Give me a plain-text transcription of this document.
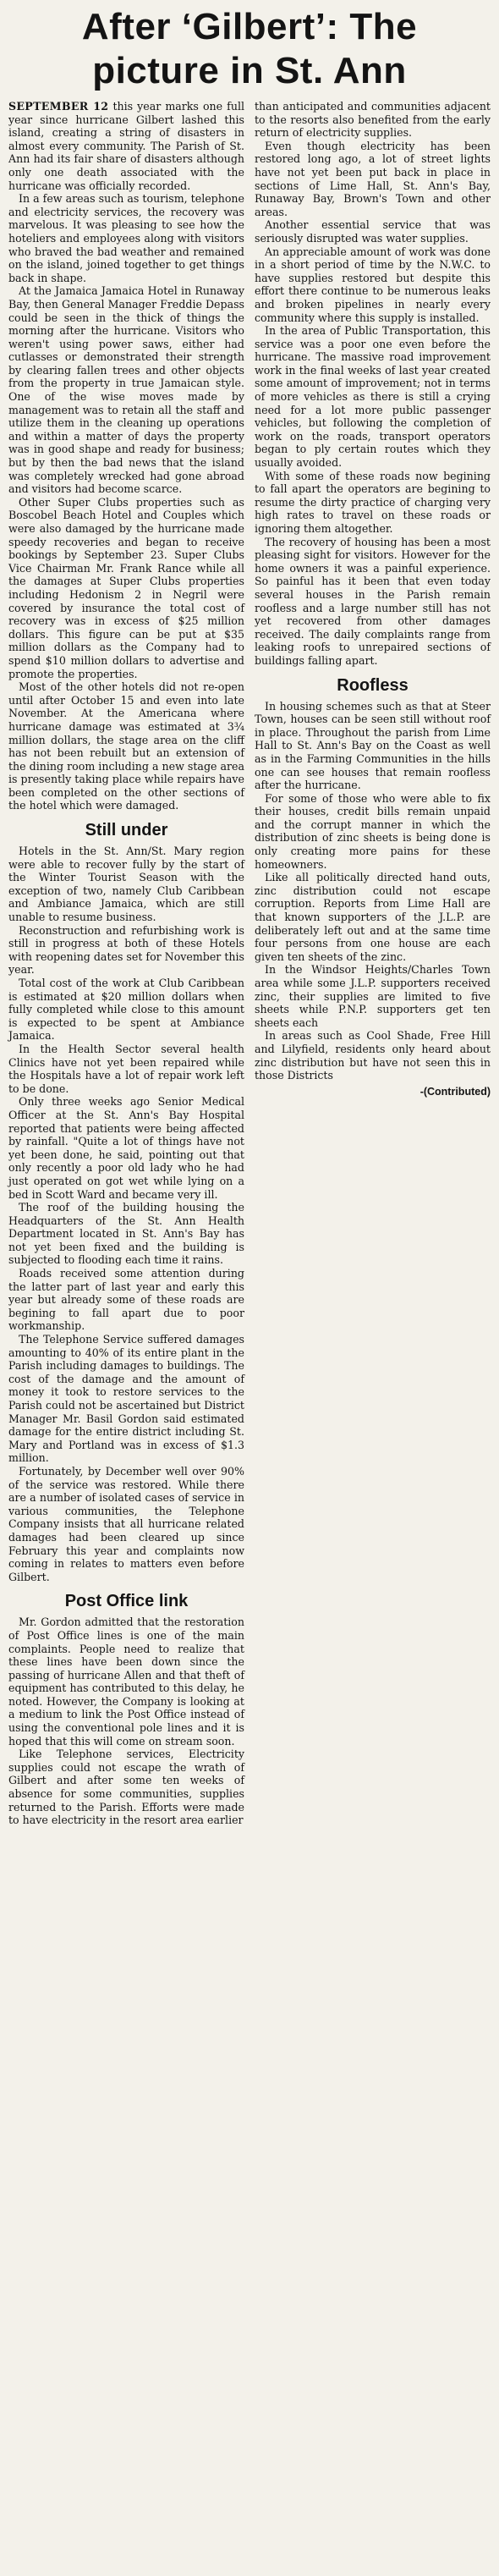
After ‘Gilbert’: The
picture in St. Ann

SEPTEMBER 12 this year marks one full year since hurricane Gilbert lashed this island, creating a string of disasters in almost every community. The Parish of St. Ann had its fair share of disasters although only one death associated with the hurricane was officially recorded.

In a few areas such as tourism, telephone and electricity services, the recovery was marvelous. It was pleasing to see how the hoteliers and employees along with visitors who braved the bad weather and remained on the island, joined together to get things back in shape.

At the Jamaica Jamaica Hotel in Runaway Bay, then General Manager Freddie Depass could be seen in the thick of things the morning after the hurricane. Visitors who weren't using power saws, either had cutlasses or demonstrated their strength by clearing fallen trees and other objects from the property in true Jamaican style. One of the wise moves made by management was to retain all the staff and utilize them in the cleaning up operations and within a matter of days the property was in good shape and ready for business; but by then the bad news that the island was completely wrecked had gone abroad and visitors had become scarce.

Other Super Clubs properties such as Boscobel Beach Hotel and Couples which were also damaged by the hurricane made speedy recoveries and began to receive bookings by September 23. Super Clubs Vice Chairman Mr. Frank Rance while all the damages at Super Clubs properties including Hedonism 2 in Negril were covered by insurance the total cost of recovery was in excess of $25 million dollars. This figure can be put at $35 million dollars as the Company had to spend $10 million dollars to advertise and promote the properties.

Most of the other hotels did not re-open until after October 15 and even into late November. At the Americana where hurricane damage was estimated at 3¾ million dollars, the stage area on the cliff has not been rebuilt but an extension of the dining room including a new stage area is presently taking place while repairs have been completed on the other sections of the hotel which were damaged.

Still under

Hotels in the St. Ann/St. Mary region were able to recover fully by the start of the Winter Tourist Season with the exception of two, namely Club Caribbean and Ambiance Jamaica, which are still unable to resume business.

Reconstruction and refurbishing work is still in progress at both of these Hotels with reopening dates set for November this year.

Total cost of the work at Club Caribbean is estimated at $20 million dollars when fully completed while close to this amount is expected to be spent at Ambiance Jamaica.

In the Health Sector several health Clinics have not yet been repaired while the Hospitals have a lot of repair work left to be done.

Only three weeks ago Senior Medical Officer at the St. Ann's Bay Hospital reported that patients were being affected by rainfall. "Quite a lot of things have not yet been done, he said, pointing out that only recently a poor old lady who he had just operated on got wet while lying on a bed in Scott Ward and became very ill.

The roof of the building housing the Headquarters of the St. Ann Health Department located in St. Ann's Bay has not yet been fixed and the building is subjected to flooding each time it rains.

Roads received some attention during the latter part of last year and early this year but already some of these roads are begining to fall apart due to poor workmanship.

The Telephone Service suffered damages amounting to 40% of its entire plant in the Parish including damages to buildings. The cost of the damage and the amount of money it took to restore services to the Parish could not be ascertained but District Manager Mr. Basil Gordon said estimated damage for the entire district including St. Mary and Portland was in excess of $1.3 million.

Fortunately, by December well over 90% of the service was restored. While there are a number of isolated cases of service in various communities, the Telephone Company insists that all hurricane related damages had been cleared up since February this year and complaints now coming in relates to matters even before Gilbert.

Post Office link

Mr. Gordon admitted that the restoration of Post Office lines is one of the main complaints. People need to realize that these lines have been down since the passing of hurricane Allen and that theft of equipment has contributed to this delay, he noted. However, the Company is looking at a medium to link the Post Office instead of using the conventional pole lines and it is hoped that this will come on stream soon.

Like Telephone services, Electricity supplies could not escape the wrath of Gilbert and after some ten weeks of absence for some communities, supplies returned to the Parish. Efforts were made to have electricity in the resort area earlier

than anticipated and communities adjacent to the resorts also benefited from the early return of electricity supplies.

Even though electricity has been restored long ago, a lot of street lights have not yet been put back in place in sections of Lime Hall, St. Ann's Bay, Runaway Bay, Brown's Town and other areas.

Another essential service that was seriously disrupted was water supplies.

An appreciable amount of work was done in a short period of time by the N.W.C. to have supplies restored but despite this effort there continue to be numerous leaks and broken pipelines in nearly every community where this supply is installed.

In the area of Public Transportation, this service was a poor one even before the hurricane. The massive road improvement work in the final weeks of last year created some amount of improvement; not in terms of more vehicles as there is still a crying need for a lot more public passenger vehicles, but following the completion of work on the roads, transport operators began to ply certain routes which they usually avoided.

With some of these roads now begining to fall apart the operators are begining to resume the dirty practice of charging very high rates to travel on these roads or ignoring them altogether.

The recovery of housing has been a most pleasing sight for visitors. However for the home owners it was a painful experience. So painful has it been that even today several houses in the Parish remain roofless and a large number still has not yet recovered from other damages received. The daily complaints range from leaking roofs to unrepaired sections of buildings falling apart.

Roofless

In housing schemes such as that at Steer Town, houses can be seen still without roof in place. Throughout the parish from Lime Hall to St. Ann's Bay on the Coast as well as in the Farming Communities in the hills one can see houses that remain roofless after the hurricane.

For some of those who were able to fix their houses, credit bills remain unpaid and the corrupt manner in which the distribution of zinc sheets is being done is only creating more pains for these homeowners.

Like all politically directed hand outs, zinc distribution could not escape corruption. Reports from Lime Hall are that known supporters of the J.L.P. are deliberately left out and at the same time four persons from one house are each given ten sheets of the zinc.

In the Windsor Heights/Charles Town area while some J.L.P. supporters received zinc, their supplies are limited to five sheets while P.N.P. supporters get ten sheets each

In areas such as Cool Shade, Free Hill and Lilyfield, residents only heard about zinc distribution but have not seen this in those Districts

-(Contributed)
